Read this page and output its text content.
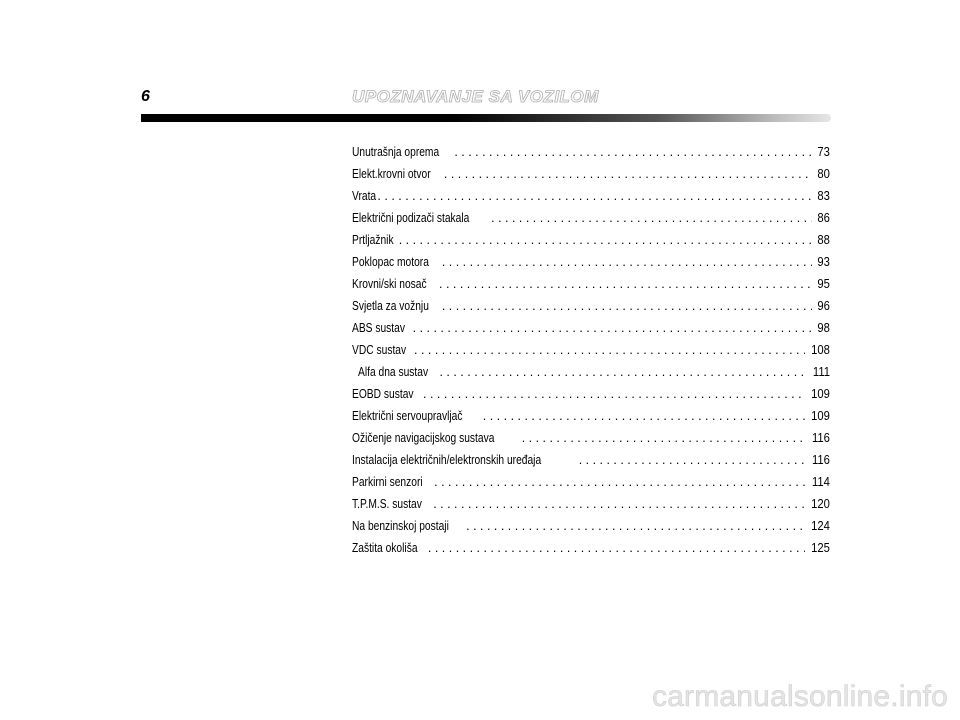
6	UPOZNAVANJE SA VOZILOM
Unutrašnja oprema . . .	73
Elekt.krovni otvor . . .	80
Vrata . . .	83
Električni podizači stakala . . .	86
Prtljažnik . . .	88
Poklopac motora . . .	93
Krovni/ski nosač . . .	95
Svjetla za vožnju . . .	96
ABS sustav . . .	98
VDC sustav . . .	108
Alfa dna sustav . . .	111
EOBD sustav . . .	109
Električni servoupravljač . . .	109
Ožičenje navigacijskog sustava . . .	116
Instalacija električnih/elektronskih uređaja . . .	116
Parkirni senzori . . .	114
T.P.M.S. sustav . . .	120
Na benzinskoj postaji . . .	124
Zaštita okoliša . . .	125
carmanualsonline.info
